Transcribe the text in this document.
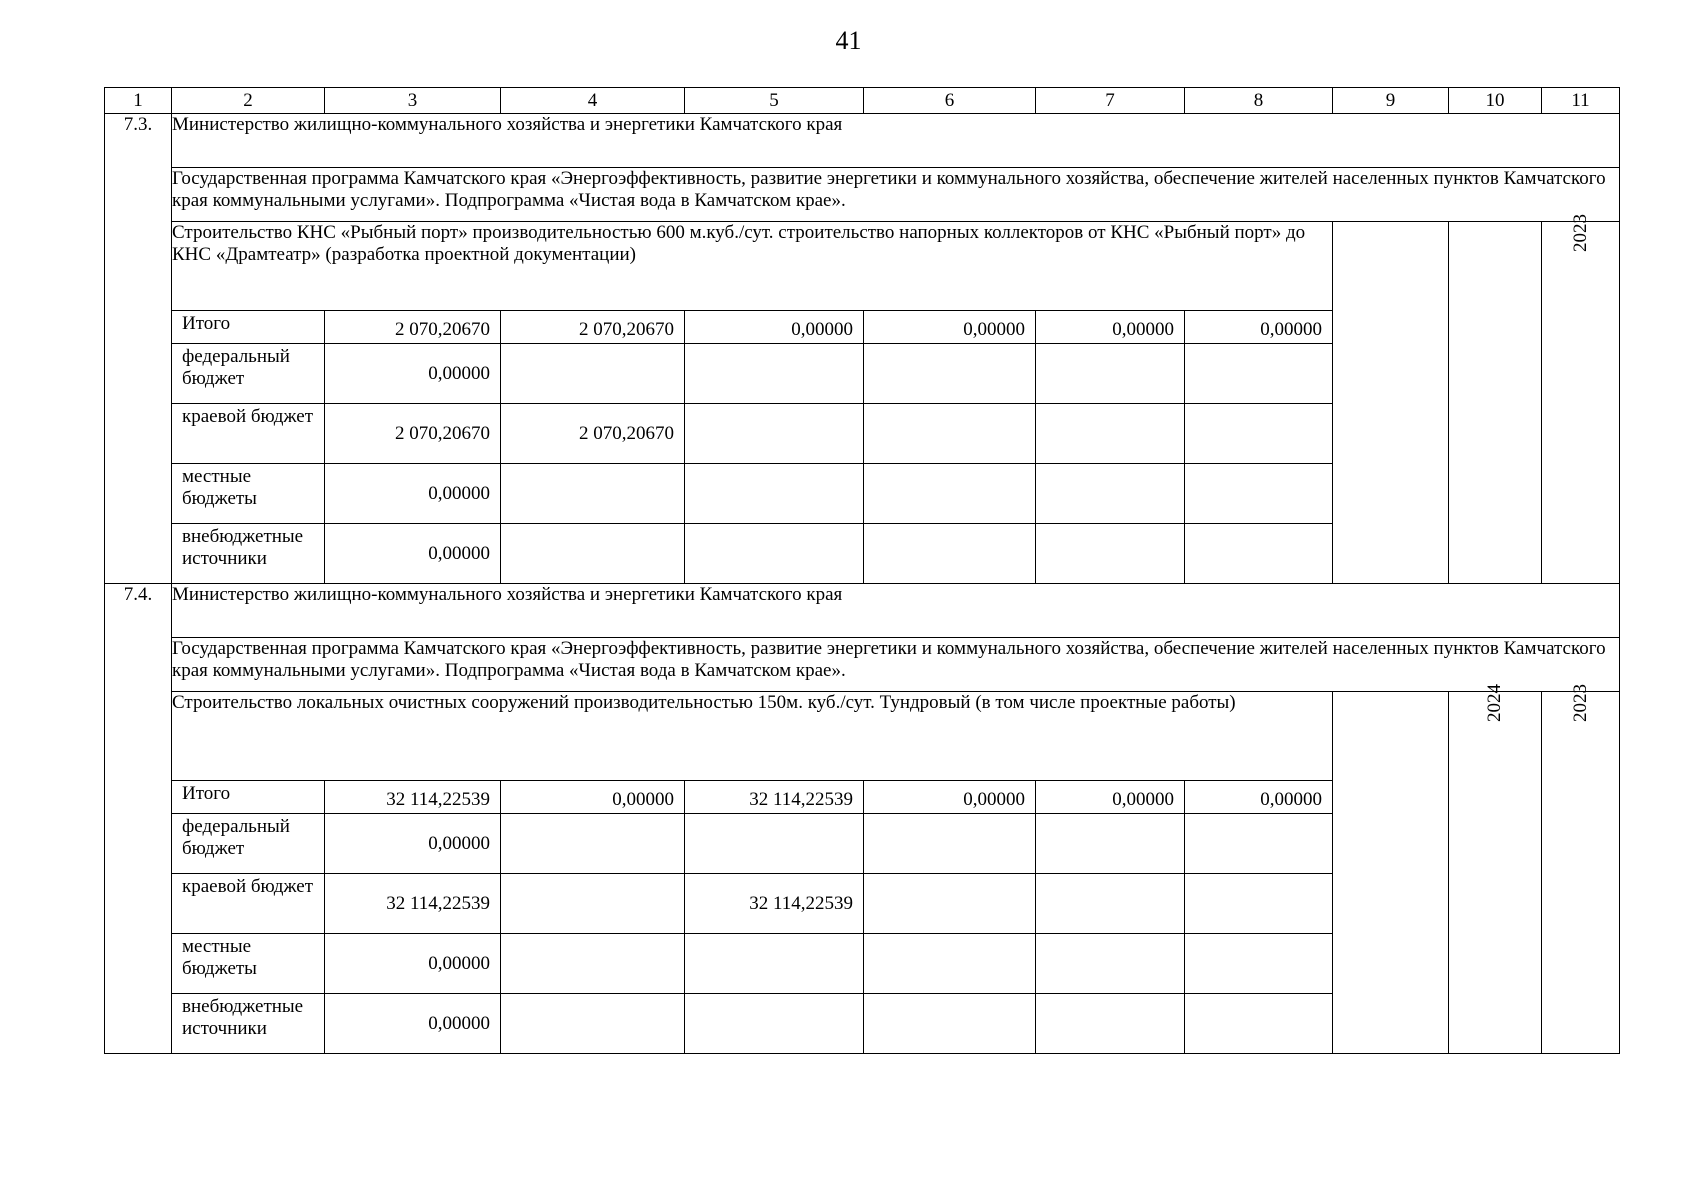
41
1	2	3	4	5	6	7	8	9	10	11
7.3.	Министерство жилищно-коммунального хозяйства и энергетики Камчатского края									
	Государственная программа Камчатского края «Энергоэффективность, развитие энергетики и коммунального хозяйства, обеспечение жителей населенных пунктов Камчатского края коммунальными услугами». Подпрограмма «Чистая вода в Камчатском крае».									
	Строительство КНС «Рыбный порт» производительностью 600 м.куб./сут. строительство напорных коллекторов от КНС «Рыбный порт» до КНС «Драмтеатр» (разработка проектной документации)									2023
	Итого	2 070,20670	2 070,20670	0,00000	0,00000	0,00000	0,00000			
	федеральный бюджет	0,00000								
	краевой бюджет	2 070,20670	2 070,20670							
	местные бюджеты	0,00000								
	внебюджетные источники	0,00000								
7.4.	Министерство жилищно-коммунального хозяйства и энергетики Камчатского края									
	Государственная программа Камчатского края «Энергоэффективность, развитие энергетики и коммунального хозяйства, обеспечение жителей населенных пунктов Камчатского края коммунальными услугами». Подпрограмма «Чистая вода в Камчатском крае».									
	Строительство локальных очистных сооружений производительностью 150м. куб./сут. Тундровый (в том числе проектные работы)								2024	2023
	Итого	32 114,22539	0,00000	32 114,22539	0,00000	0,00000	0,00000			
	федеральный бюджет	0,00000								
	краевой бюджет	32 114,22539		32 114,22539						
	местные бюджеты	0,00000								
	внебюджетные источники	0,00000								
